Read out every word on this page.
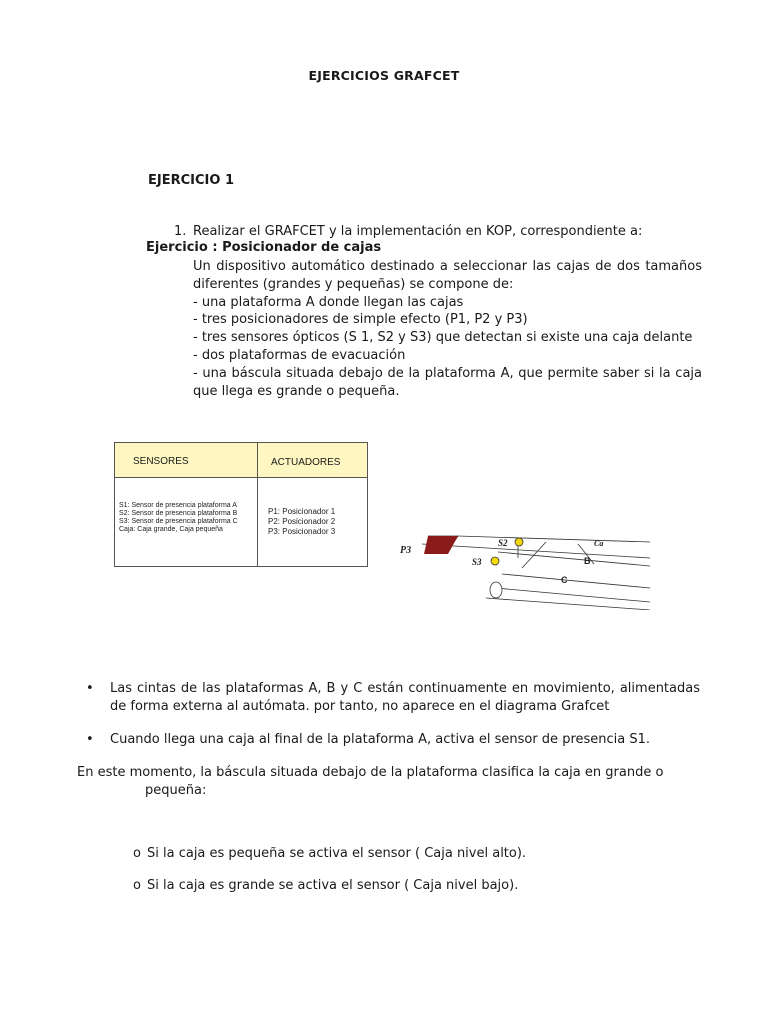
EJERCICIOS GRAFCET
EJERCICIO 1
1. Realizar el GRAFCET y la implementación en KOP, correspondiente a:
Ejercicio : Posicionador de cajas

Un dispositivo automático destinado a seleccionar las cajas de dos tamaños diferentes (grandes y pequeñas) se compone de:

- una plataforma A donde llegan las cajas
- tres posicionadores de simple efecto (P1, P2 y P3)
- tres sensores ópticos (S 1, S2 y S3) que detectan si existe una caja delante
- dos plataformas de evacuación

- una báscula situada debajo de la plataforma A, que permite saber si la caja que llega es grande o pequeña.

SENSORES	ACTUADORES
S1: Sensor de presencia plataforma A
S2: Sensor de presencia plataforma B
S3: Sensor de presencia plataforma C
Caja: Caja grande, Caja pequeña
P1: Posicionador 1
P2: Posicionador 2
P3: Posicionador 3
P3
S2
S3
Ca
B
C
• Las cintas de las plataformas A, B y C están continuamente en movimiento, alimentadas de forma externa al autómata. por tanto, no aparece en el diagrama Grafcet
• Cuando llega una caja al final de la plataforma A, activa el sensor de presencia S1.
En este momento, la báscula situada debajo de la plataforma clasifica la caja en grande o
pequeña:
o Si la caja es pequeña se activa el sensor ( Caja nivel alto).
o Si la caja es grande se activa el sensor ( Caja nivel bajo).
